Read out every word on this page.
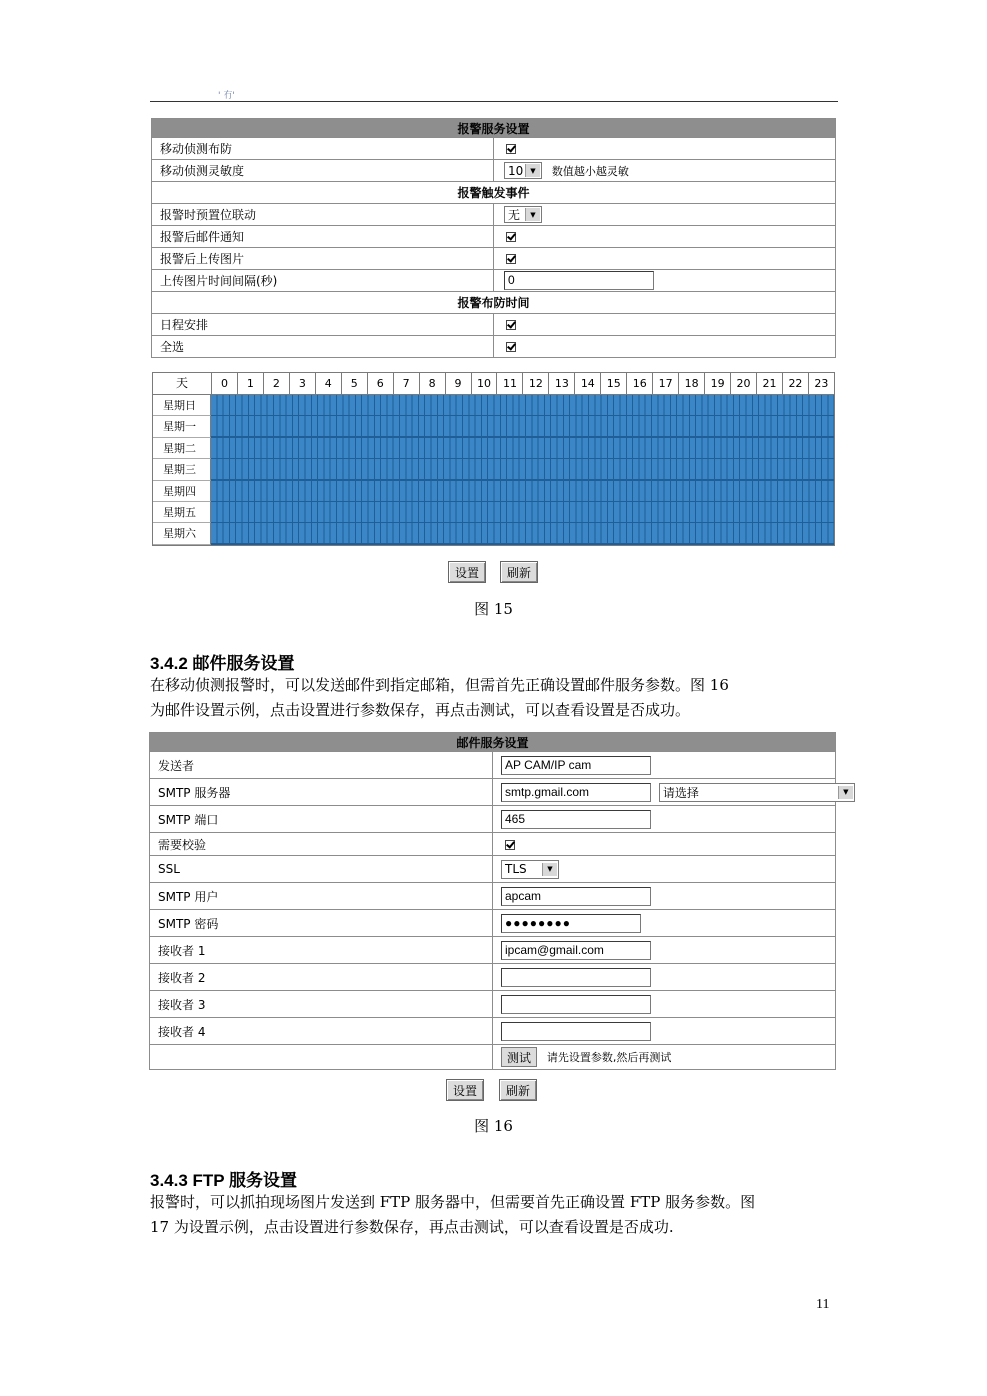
' 冇'
报警服务设置	
移动侦测布防	
移动侦测灵敏度	10 ▼ 数值越小越灵敏
报警触发事件	
报警时预置位联动	无 ▼

报警后邮件通知	
报警后上传图片	
上传图片时间间隔(秒)	0
报警布防时间	
日程安排	
全选	
天	0	1	2	3	4	5	6	7	8	9	10	11	12	13	14	15	16	17	18	19	20	21	22	23
星期日
星期一
星期二
星期三
星期四
星期五
星期六
设置	刷新
图 15
3.4.2 邮件服务设置
在移动侦测报警时，可以发送邮件到指定邮箱，但需首先正确设置邮件服务参数。图 16
为邮件设置示例，点击设置进行参数保存，再点击测试，可以查看设置是否成功。
邮件服务设置	
发送者	AP CAM/IP cam
SMTP 服务器	smtp.gmail.com 请选择 ▼

SMTP 端口	465
需要校验	
SSL	TLS ▼

SMTP 用户	apcam
SMTP 密码	●●●●●●●●
接收者 1	ipcam@gmail.com
接收者 2	
接收者 3	
接收者 4	
	测试 请先设置参数,然后再测试
设置	刷新
图 16
3.4.3 FTP 服务设置
报警时，可以抓拍现场图片发送到 FTP 服务器中，但需要首先正确设置 FTP 服务参数。图
17 为设置示例，点击设置进行参数保存，再点击测试，可以查看设置是否成功.
11
